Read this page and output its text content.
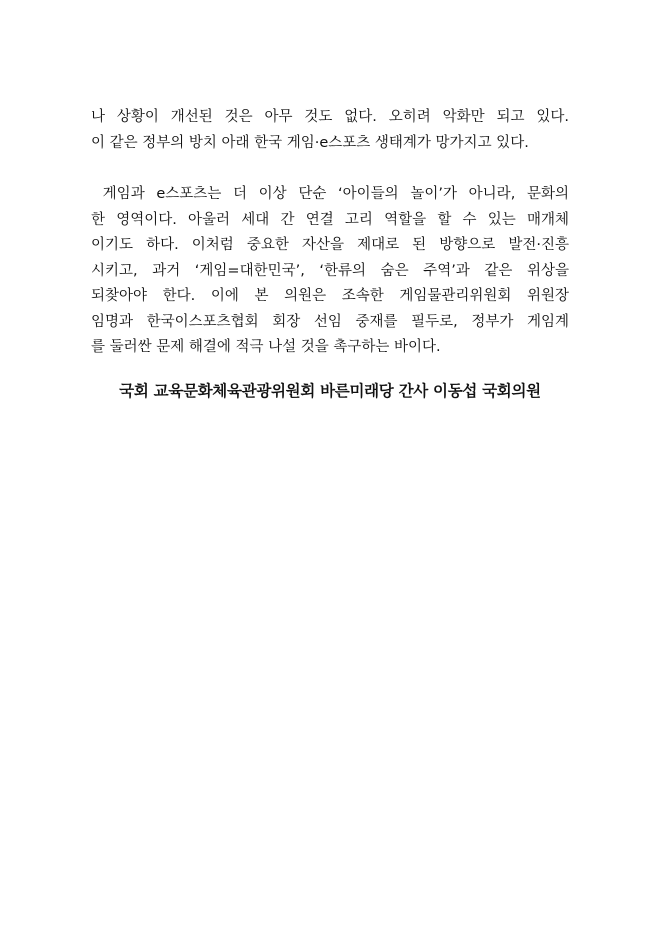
나 상황이 개선된 것은 아무 것도 없다. 오히려 악화만 되고 있다.
이 같은 정부의 방치 아래 한국 게임·e스포츠 생태계가 망가지고 있다.
게임과 e스포츠는 더 이상 단순 ‘아이들의 놀이’가 아니라, 문화의
한 영역이다. 아울러 세대 간 연결 고리 역할을 할 수 있는 매개체
이기도 하다. 이처럼 중요한 자산을 제대로 된 방향으로 발전·진흥
시키고, 과거 ‘게임=대한민국’, ‘한류의 숨은 주역’과 같은 위상을
되찾아야 한다. 이에 본 의원은 조속한 게임물관리위원회 위원장
임명과 한국이스포츠협회 회장 선임 중재를 필두로, 정부가 게임계
를 둘러싼 문제 해결에 적극 나설 것을 촉구하는 바이다.
국회 교육문화체육관광위원회 바른미래당 간사 이동섭 국회의원
